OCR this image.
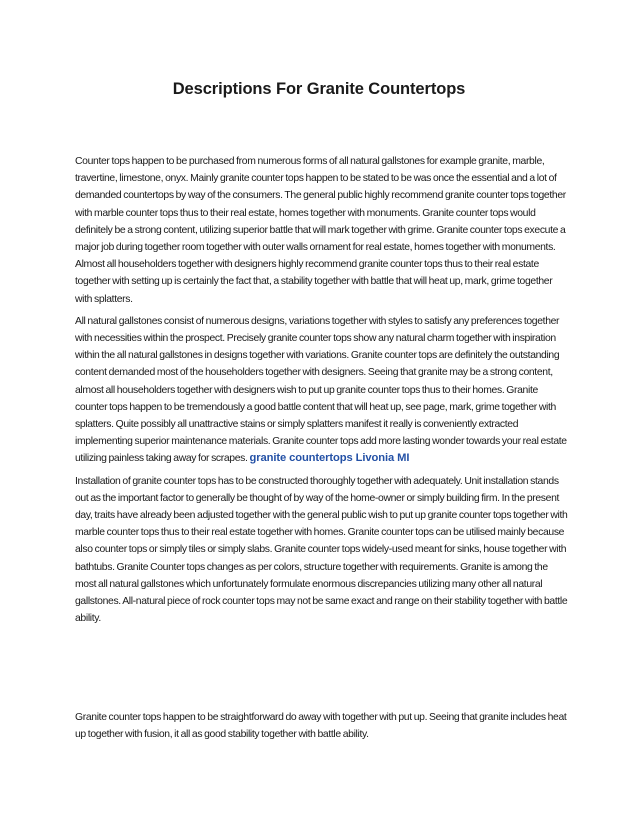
Descriptions For Granite Countertops

Counter tops happen to be purchased from numerous forms of all natural gallstones for example granite, marble, travertine, limestone, onyx. Mainly granite counter tops happen to be stated to be was once the essential and a lot of demanded countertops by way of the consumers. The general public highly recommend granite counter tops together with marble counter tops thus to their real estate, homes together with monuments. Granite counter tops would definitely be a strong content, utilizing superior battle that will mark together with grime. Granite counter tops execute a major job during together room together with outer walls ornament for real estate, homes together with monuments. Almost all householders together with designers highly recommend granite counter tops thus to their real estate together with setting up is certainly the fact that, a stability together with battle that will heat up, mark, grime together with splatters.

All natural gallstones consist of numerous designs, variations together with styles to satisfy any preferences together with necessities within the prospect. Precisely granite counter tops show any natural charm together with inspiration within the all natural gallstones in designs together with variations. Granite counter tops are definitely the outstanding content demanded most of the householders together with designers. Seeing that granite may be a strong content, almost all householders together with designers wish to put up granite counter tops thus to their homes. Granite counter tops happen to be tremendously a good battle content that will heat up, see page, mark, grime together with splatters. Quite possibly all unattractive stains or simply splatters manifest it really is conveniently extracted implementing superior maintenance materials. Granite counter tops add more lasting wonder towards your real estate utilizing painless taking away for scrapes. granite countertops Livonia MI

Installation of granite counter tops has to be constructed thoroughly together with adequately. Unit installation stands out as the important factor to generally be thought of by way of the home-owner or simply building firm. In the present day, traits have already been adjusted together with the general public wish to put up granite counter tops together with marble counter tops thus to their real estate together with homes. Granite counter tops can be utilised mainly because also counter tops or simply tiles or simply slabs. Granite counter tops widely-used meant for sinks, house together with bathtubs. Granite Counter tops changes as per colors, structure together with requirements. Granite is among the most all natural gallstones which unfortunately formulate enormous discrepancies utilizing many other all natural gallstones. All-natural piece of rock counter tops may not be same exact and range on their stability together with battle ability.

Granite counter tops happen to be straightforward do away with together with put up. Seeing that granite includes heat up together with fusion, it all as good stability together with battle ability.
